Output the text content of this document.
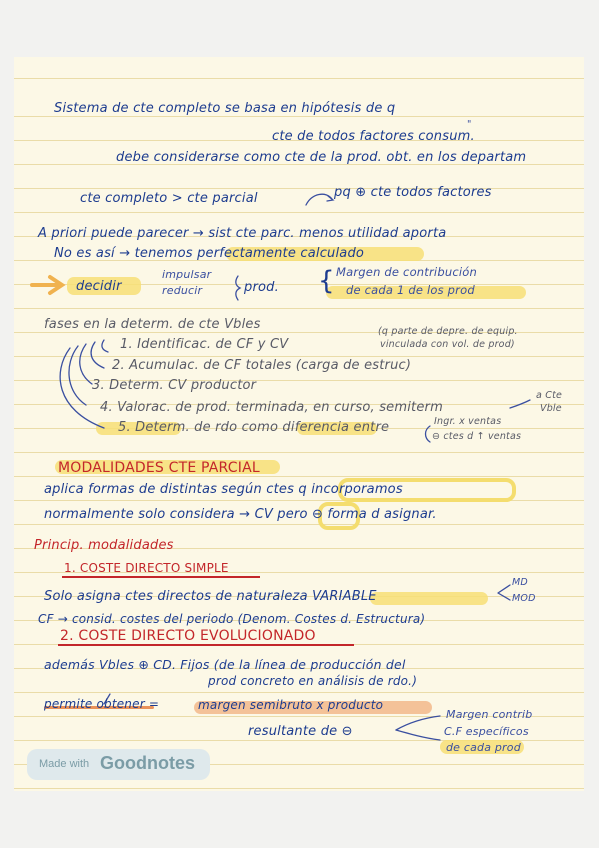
Sistema de cte completo se basa en hipótesis de q
"
cte de todos factores consum.
debe considerarse como cte de la prod. obt. en los departam
cte completo > cte parcial	pq ⊕ cte todos factores
A priori puede parecer → sist cte parc. menos utilidad aporta
No es así → tenemos perfectamente calculado
decidir
impulsar
reducir	prod. { Margen de contribución
de cada 1 de los prod
fases en la determ. de cte Vbles
1. Identificac. de CF y CV
(q parte de depre. de equip.
vinculada con vol. de prod)
2. Acumulac. de CF totales (carga de estruc)
3. Determ. CV productor
4. Valorac. de prod. terminada, en curso, semiterm
a Cte
Vble
5. Determ. de rdo como diferencia entre	Ingr. x ventas
⊖ ctes d ↑ ventas
MODALIDADES CTE PARCIAL
aplica formas de distintas según ctes q incorporamos
normalmente solo considera → CV pero ⊖ forma d asignar.
Princip. modalidades
1. COSTE DIRECTO SIMPLE
Solo asigna ctes directos de naturaleza VARIABLE
MD
MOD
CF → consid. costes del periodo (Denom. Costes d. Estructura)
2. COSTE DIRECTO EVOLUCIONADO
además Vbles ⊕ CD. Fijos (de la línea de producción del
prod concreto en análisis de rdo.)
permite obtener =	margen semibruto x producto
resultante de ⊖
Margen contrib
C.F específicos
de cada prod
Made with Goodnotes
